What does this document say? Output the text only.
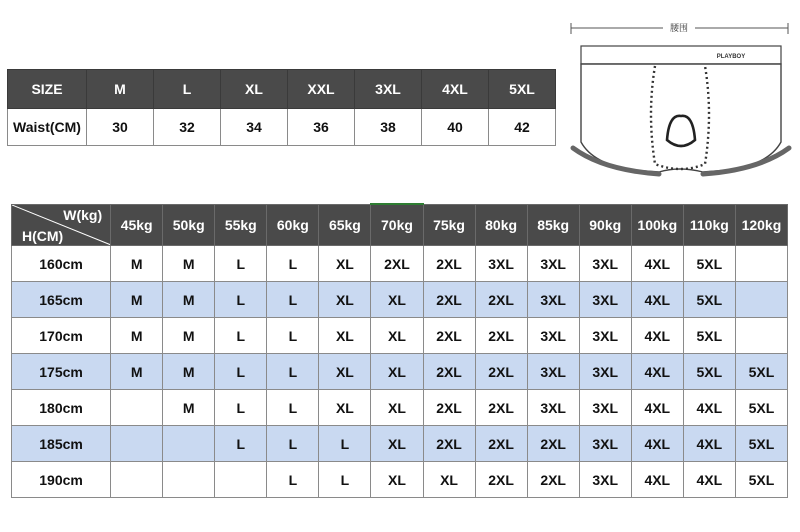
SIZE	M	L	XL	XXL	3XL	4XL	5XL
Waist(CM)	30	32	34	36	38	40	42
腰围
PLAYBOY
W(kg)
H(CM)	45kg	50kg	55kg	60kg	65kg	70kg	75kg	80kg	85kg	90kg	100kg	110kg	120kg
160cm	M	M	L	L	XL	2XL	2XL	3XL	3XL	3XL	4XL	5XL	
165cm	M	M	L	L	XL	XL	2XL	2XL	3XL	3XL	4XL	5XL	
170cm	M	M	L	L	XL	XL	2XL	2XL	3XL	3XL	4XL	5XL	
175cm	M	M	L	L	XL	XL	2XL	2XL	3XL	3XL	4XL	5XL	5XL
180cm		M	L	L	XL	XL	2XL	2XL	3XL	3XL	4XL	4XL	5XL
185cm			L	L	L	XL	2XL	2XL	2XL	3XL	4XL	4XL	5XL
190cm				L	L	XL	XL	2XL	2XL	3XL	4XL	4XL	5XL
